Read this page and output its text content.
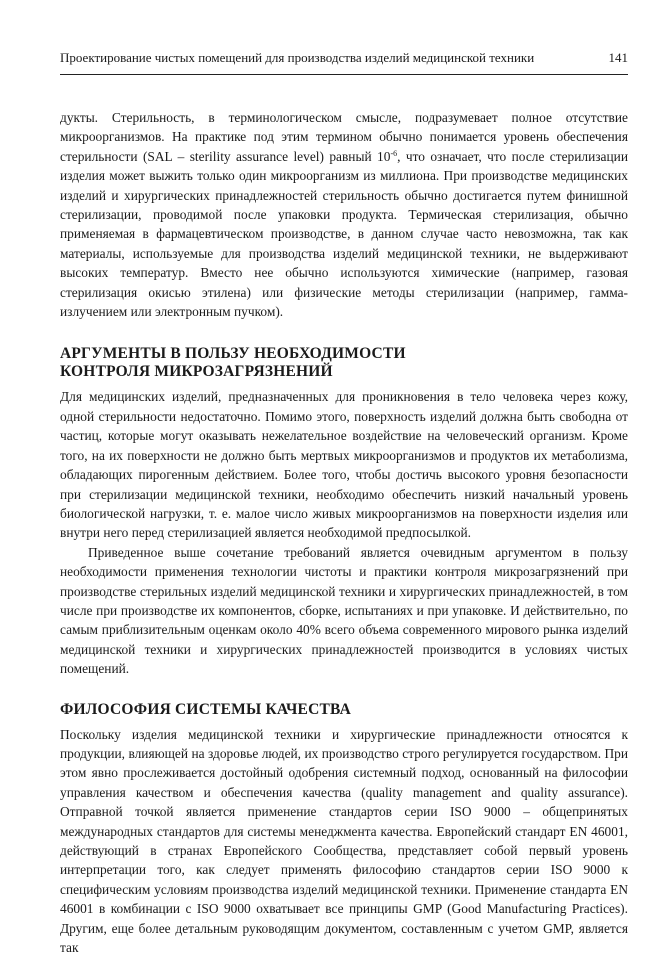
Проектирование чистых помещений для производства изделий медицинской техники	141

дукты. Стерильность, в терминологическом смысле, подразумевает полное отсутствие микроорганизмов. На практике под этим термином обычно понимается уровень обеспечения стерильности (SAL – sterility assurance level) равный $10^{-6}$, что означает, что после стерилизации изделия может выжить только один микроорганизм из миллиона. При производстве медицинских изделий и хирургических принадлежностей стерильность обычно достигается путем финишной стерилизации, проводимой после упаковки продукта. Термическая стерилизация, обычно применяемая в фармацевтическом производстве, в данном случае часто невозможна, так как материалы, используемые для производства изделий медицинской техники, не выдерживают высоких температур. Вместо нее обычно используются химические (например, газовая стерилизация окисью этилена) или физические методы стерилизации (например, гамма-излучением или электронным пучком).

АРГУМЕНТЫ В ПОЛЬЗУ НЕОБХОДИМОСТИ
КОНТРОЛЯ МИКРОЗАГРЯЗНЕНИЙ

Для медицинских изделий, предназначенных для проникновения в тело человека через кожу, одной стерильности недостаточно. Помимо этого, поверхность изделий должна быть свободна от частиц, которые могут оказывать нежелательное воздействие на человеческий организм. Кроме того, на их поверхности не должно быть мертвых микроорганизмов и продуктов их метаболизма, обладающих пирогенным действием. Более того, чтобы достичь высокого уровня безопасности при стерилизации медицинской техники, необходимо обеспечить низкий начальный уровень биологической нагрузки, т. е. малое число живых микроорганизмов на поверхности изделия или внутри него перед стерилизацией является необходимой предпосылкой.

Приведенное выше сочетание требований является очевидным аргументом в пользу необходимости применения технологии чистоты и практики контроля микрозагрязнений при производстве стерильных изделий медицинской техники и хирургических принадлежностей, в том числе при производстве их компонентов, сборке, испытаниях и при упаковке. И действительно, по самым приблизительным оценкам около 40% всего объема современного мирового рынка изделий медицинской техники и хирургических принадлежностей производится в условиях чистых помещений.

ФИЛОСОФИЯ СИСТЕМЫ КАЧЕСТВА

Поскольку изделия медицинской техники и хирургические принадлежности относятся к продукции, влияющей на здоровье людей, их производство строго регулируется государством. При этом явно прослеживается достойный одобрения системный подход, основанный на философии управления качеством и обеспечения качества (quality management and quality assurance). Отправной точкой является применение стандартов серии ISO 9000 – общепринятых международных стандартов для системы менеджмента качества. Европейский стандарт EN 46001, действующий в странах Европейского Сообщества, представляет собой первый уровень интерпретации того, как следует применять философию стандартов серии ISO 9000 к специфическим условиям производства изделий медицинской техники. Применение стандарта EN 46001 в комбинации с ISO 9000 охватывает все принципы GMP (Good Manufacturing Practices). Другим, еще более детальным руководящим документом, составленным с учетом GMP, является так
